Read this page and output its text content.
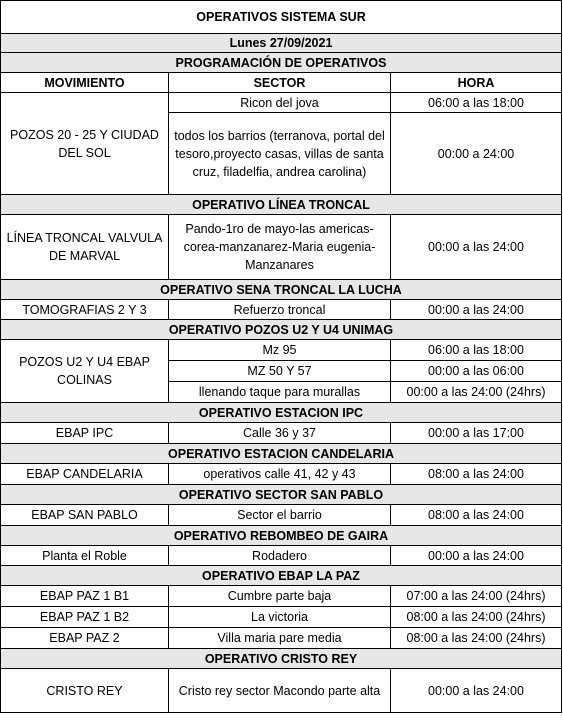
OPERATIVOS SISTEMA SUR		
Lunes 27/09/2021		
PROGRAMACIÓN DE OPERATIVOS		
MOVIMIENTO	SECTOR	HORA
POZOS 20 - 25 Y CIUDAD DEL SOL	Ricon del jova	06:00 a las 18:00
	todos los barrios (terranova, portal del tesoro,proyecto casas, villas de santa cruz, filadelfia, andrea carolina)	00:00 a 24:00
OPERATIVO LÍNEA TRONCAL		
LÍNEA TRONCAL VALVULA DE MARVAL	Pando-1ro de mayo-las americas-corea-manzanarez-Maria eugenia-Manzanares	00:00 a las 24:00
OPERATIVO SENA TRONCAL LA LUCHA		
TOMOGRAFIAS 2 Y 3	Refuerzo troncal	00:00 a las 24:00
OPERATIVO POZOS U2 Y U4 UNIMAG		
POZOS U2 Y U4 EBAP COLINAS	Mz 95	06:00 a las 18:00
	MZ 50 Y 57	00:00 a las 06:00
	llenando taque para murallas	00:00 a las 24:00 (24hrs)
OPERATIVO ESTACION IPC		
EBAP IPC	Calle 36 y 37	00:00 a las 17:00
OPERATIVO ESTACION CANDELARIA		
EBAP CANDELARIA	operativos calle 41, 42 y 43	08:00 a las 24:00
OPERATIVO SECTOR SAN PABLO		
EBAP SAN PABLO	Sector el barrio	08:00 a las 24:00
OPERATIVO REBOMBEO DE GAIRA		
Planta el Roble	Rodadero	00:00 a las 24:00
OPERATIVO EBAP LA PAZ		
EBAP PAZ 1 B1	Cumbre parte baja	07:00 a las 24:00 (24hrs)
EBAP PAZ 1 B2	La victoria	08:00 a las 24:00 (24hrs)
EBAP PAZ 2	Villa maria pare media	08:00 a las 24:00 (24hrs)
OPERATIVO CRISTO REY		
CRISTO REY	Cristo rey sector Macondo parte alta	00:00 a las 24:00
